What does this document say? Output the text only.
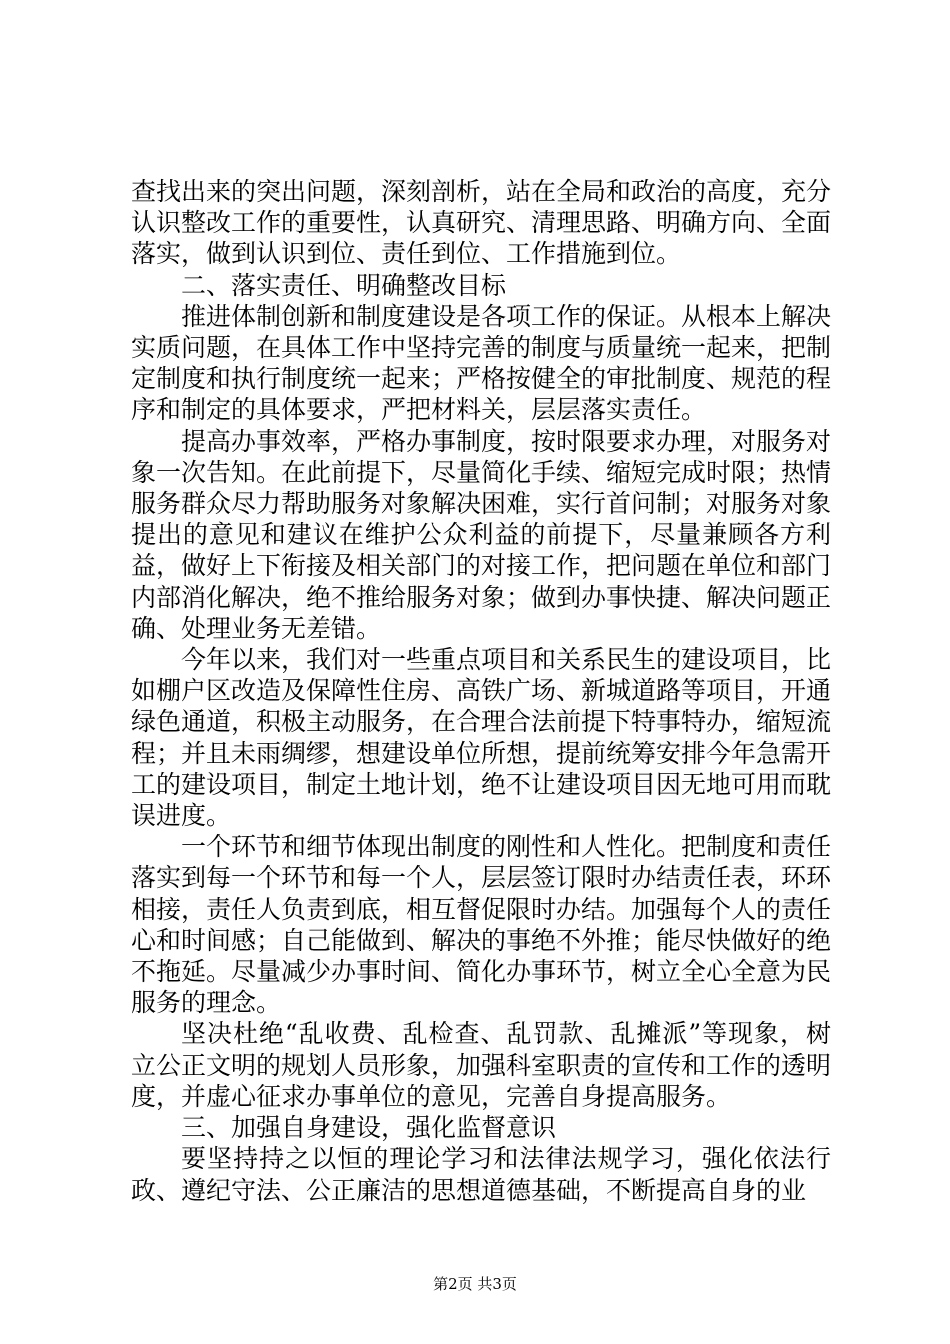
查找出来的突出问题，深刻剖析，站在全局和政治的高度，充分认识整改工作的重要性，认真研究、清理思路、明确方向、全面落实，做到认识到位、责任到位、工作措施到位。

二、落实责任、明确整改目标

推进体制创新和制度建设是各项工作的保证。从根本上解决实质问题，在具体工作中坚持完善的制度与质量统一起来，把制定制度和执行制度统一起来；严格按健全的审批制度、规范的程序和制定的具体要求，严把材料关，层层落实责任。

提高办事效率，严格办事制度，按时限要求办理，对服务对象一次告知。在此前提下，尽量简化手续、缩短完成时限；热情服务群众尽力帮助服务对象解决困难，实行首问制；对服务对象提出的意见和建议在维护公众利益的前提下，尽量兼顾各方利益，做好上下衔接及相关部门的对接工作，把问题在单位和部门内部消化解决，绝不推给服务对象；做到办事快捷、解决问题正确、处理业务无差错。

今年以来，我们对一些重点项目和关系民生的建设项目，比如棚户区改造及保障性住房、高铁广场、新城道路等项目，开通绿色通道，积极主动服务，在合理合法前提下特事特办，缩短流程；并且未雨绸缪，想建设单位所想，提前统筹安排今年急需开工的建设项目，制定土地计划，绝不让建设项目因无地可用而耽误进度。

一个环节和细节体现出制度的刚性和人性化。把制度和责任落实到每一个环节和每一个人，层层签订限时办结责任表，环环相接，责任人负责到底，相互督促限时办结。加强每个人的责任心和时间感；自己能做到、解决的事绝不外推；能尽快做好的绝不拖延。尽量减少办事时间、简化办事环节，树立全心全意为民服务的理念。

坚决杜绝“乱收费、乱检查、乱罚款、乱摊派”等现象，树立公正文明的规划人员形象，加强科室职责的宣传和工作的透明度，并虚心征求办事单位的意见，完善自身提高服务。

三、加强自身建设，强化监督意识

要坚持持之以恒的理论学习和法律法规学习，强化依法行政、遵纪守法、公正廉洁的思想道德基础，不断提高自身的业

第2页 共3页
